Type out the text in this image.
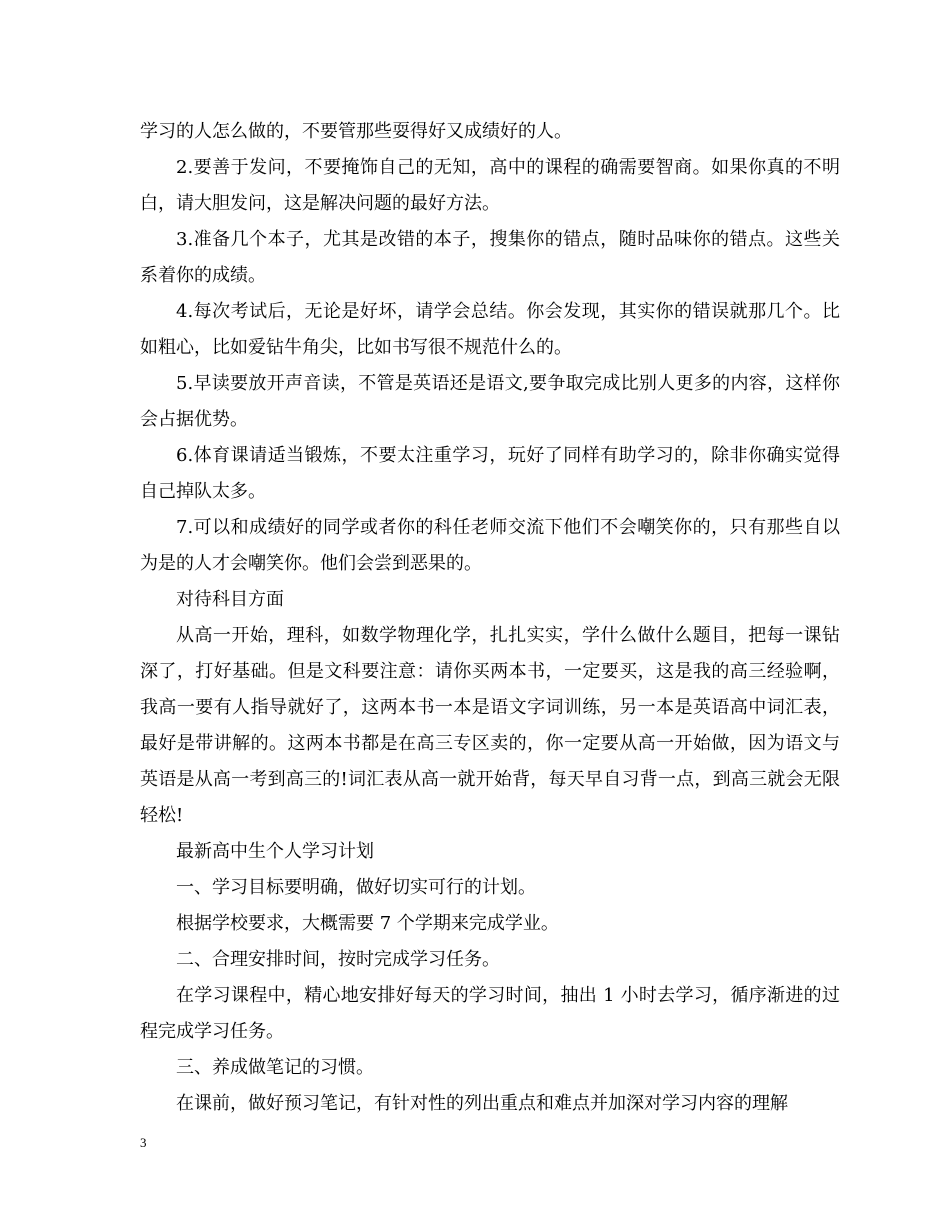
学习的人怎么做的，不要管那些耍得好又成绩好的人。

2.要善于发问，不要掩饰自己的无知，高中的课程的确需要智商。如果你真的不明白，请大胆发问，这是解决问题的最好方法。

3.准备几个本子，尤其是改错的本子，搜集你的错点，随时品味你的错点。这些关系着你的成绩。

4.每次考试后，无论是好坏，请学会总结。你会发现，其实你的错误就那几个。比如粗心，比如爱钻牛角尖，比如书写很不规范什么的。

5.早读要放开声音读，不管是英语还是语文,要争取完成比别人更多的内容，这样你会占据优势。

6.体育课请适当锻炼，不要太注重学习，玩好了同样有助学习的，除非你确实觉得自己掉队太多。

7.可以和成绩好的同学或者你的科任老师交流下他们不会嘲笑你的，只有那些自以为是的人才会嘲笑你。他们会尝到恶果的。

对待科目方面

从高一开始，理科，如数学物理化学，扎扎实实，学什么做什么题目，把每一课钻深了，打好基础。但是文科要注意：请你买两本书，一定要买，这是我的高三经验啊，我高一要有人指导就好了，这两本书一本是语文字词训练，另一本是英语高中词汇表，最好是带讲解的。这两本书都是在高三专区卖的，你一定要从高一开始做，因为语文与英语是从高一考到高三的!词汇表从高一就开始背，每天早自习背一点，到高三就会无限轻松!

最新高中生个人学习计划

一、学习目标要明确，做好切实可行的计划。

根据学校要求，大概需要 7 个学期来完成学业。

二、合理安排时间，按时完成学习任务。

在学习课程中，精心地安排好每天的学习时间，抽出 1 小时去学习，循序渐进的过程完成学习任务。

三、养成做笔记的习惯。

在课前，做好预习笔记，有针对性的列出重点和难点并加深对学习内容的理解

3
